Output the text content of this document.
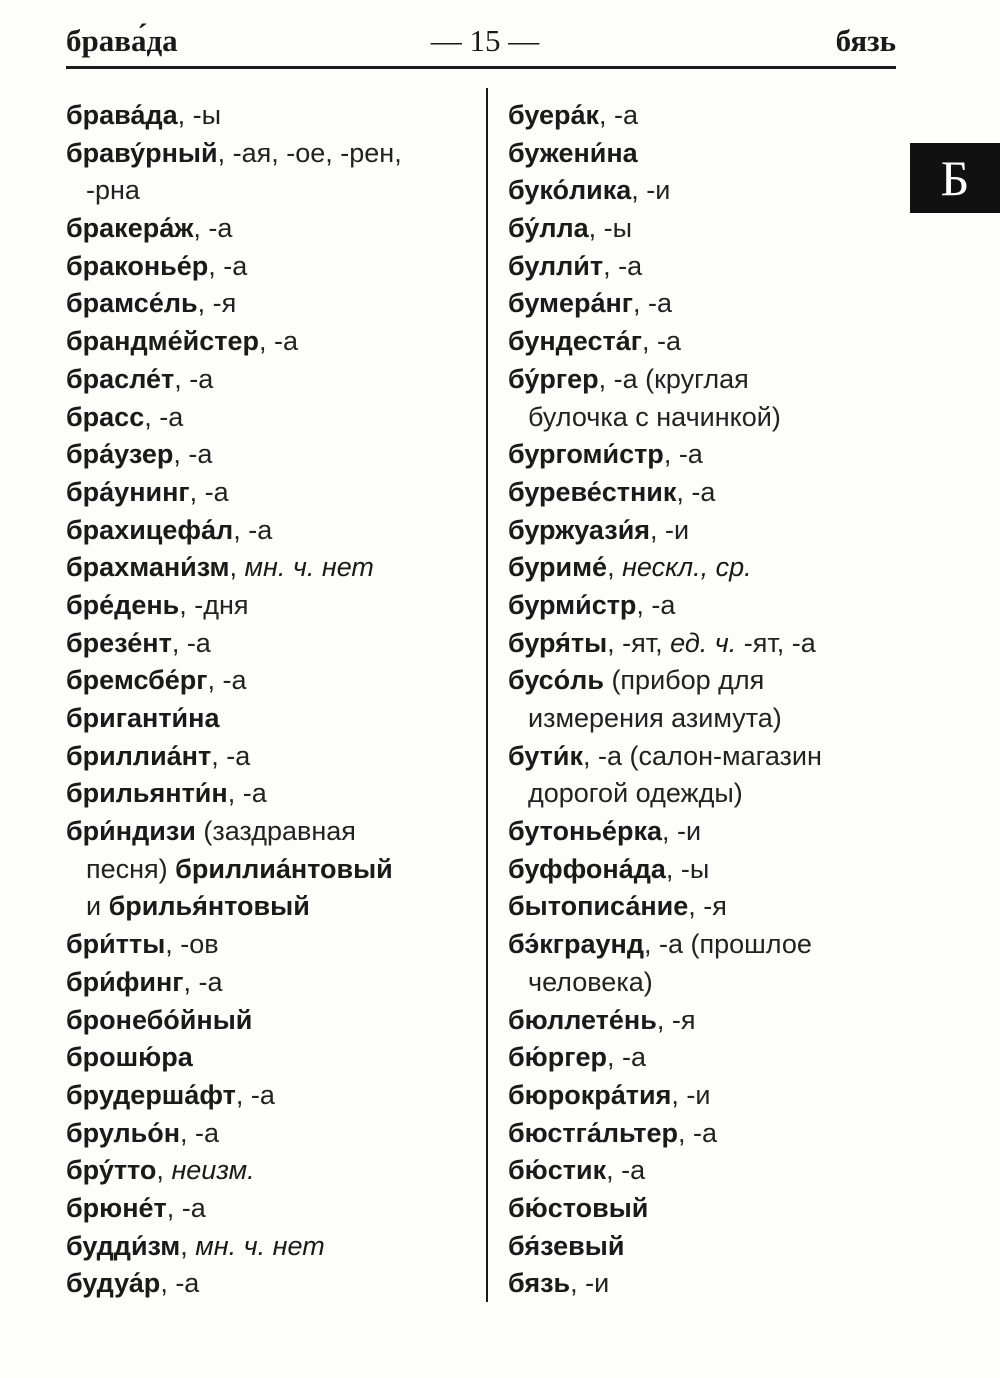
брава́да	— 15 —	бязь
Б
брава́да, -ы
браву́рный, -ая, -ое, -рен,
-рна
бракера́ж, -а
браконье́р, -а
брамсе́ль, -я
брандме́йстер, -а
брасле́т, -а
брасс, -а
бра́узер, -а
бра́унинг, -а
брахицефа́л, -а
брахмани́зм, мн. ч. нет
бре́день, -дня
брезе́нт, -а
бремсбе́рг, -а
бриганти́на
бриллиа́нт, -а
брильянти́н, -а
бри́ндизи (заздравная
песня) бриллиа́нтовый
и брилья́нтовый
бри́тты, -ов
бри́финг, -а
бронебо́йный
брошю́ра
брудерша́фт, -а
брульо́н, -а
бру́тто, неизм.
брюне́т, -а
будди́зм, мн. ч. нет
будуа́р, -а
буера́к, -а
бужени́на
буко́лика, -и
бу́лла, -ы
булли́т, -а
бумера́нг, -а
бундеста́г, -а
бу́ргер, -а (круглая
булочка с начинкой)
бургоми́стр, -а
буреве́стник, -а
буржуази́я, -и
буриме́, нескл., ср.
бурми́стр, -а
буря́ты, -ят, ед. ч. -ят, -а
бусо́ль (прибор для
измерения азимута)
бути́к, -а (салон-магазин
дорогой одежды)
бутонье́рка, -и
буффона́да, -ы
бытописа́ние, -я
бэ́кграунд, -а (прошлое
человека)
бюллете́нь, -я
бю́ргер, -а
бюрокра́тия, -и
бюстга́льтер, -а
бю́стик, -а
бю́стовый
бя́зевый
бязь, -и
